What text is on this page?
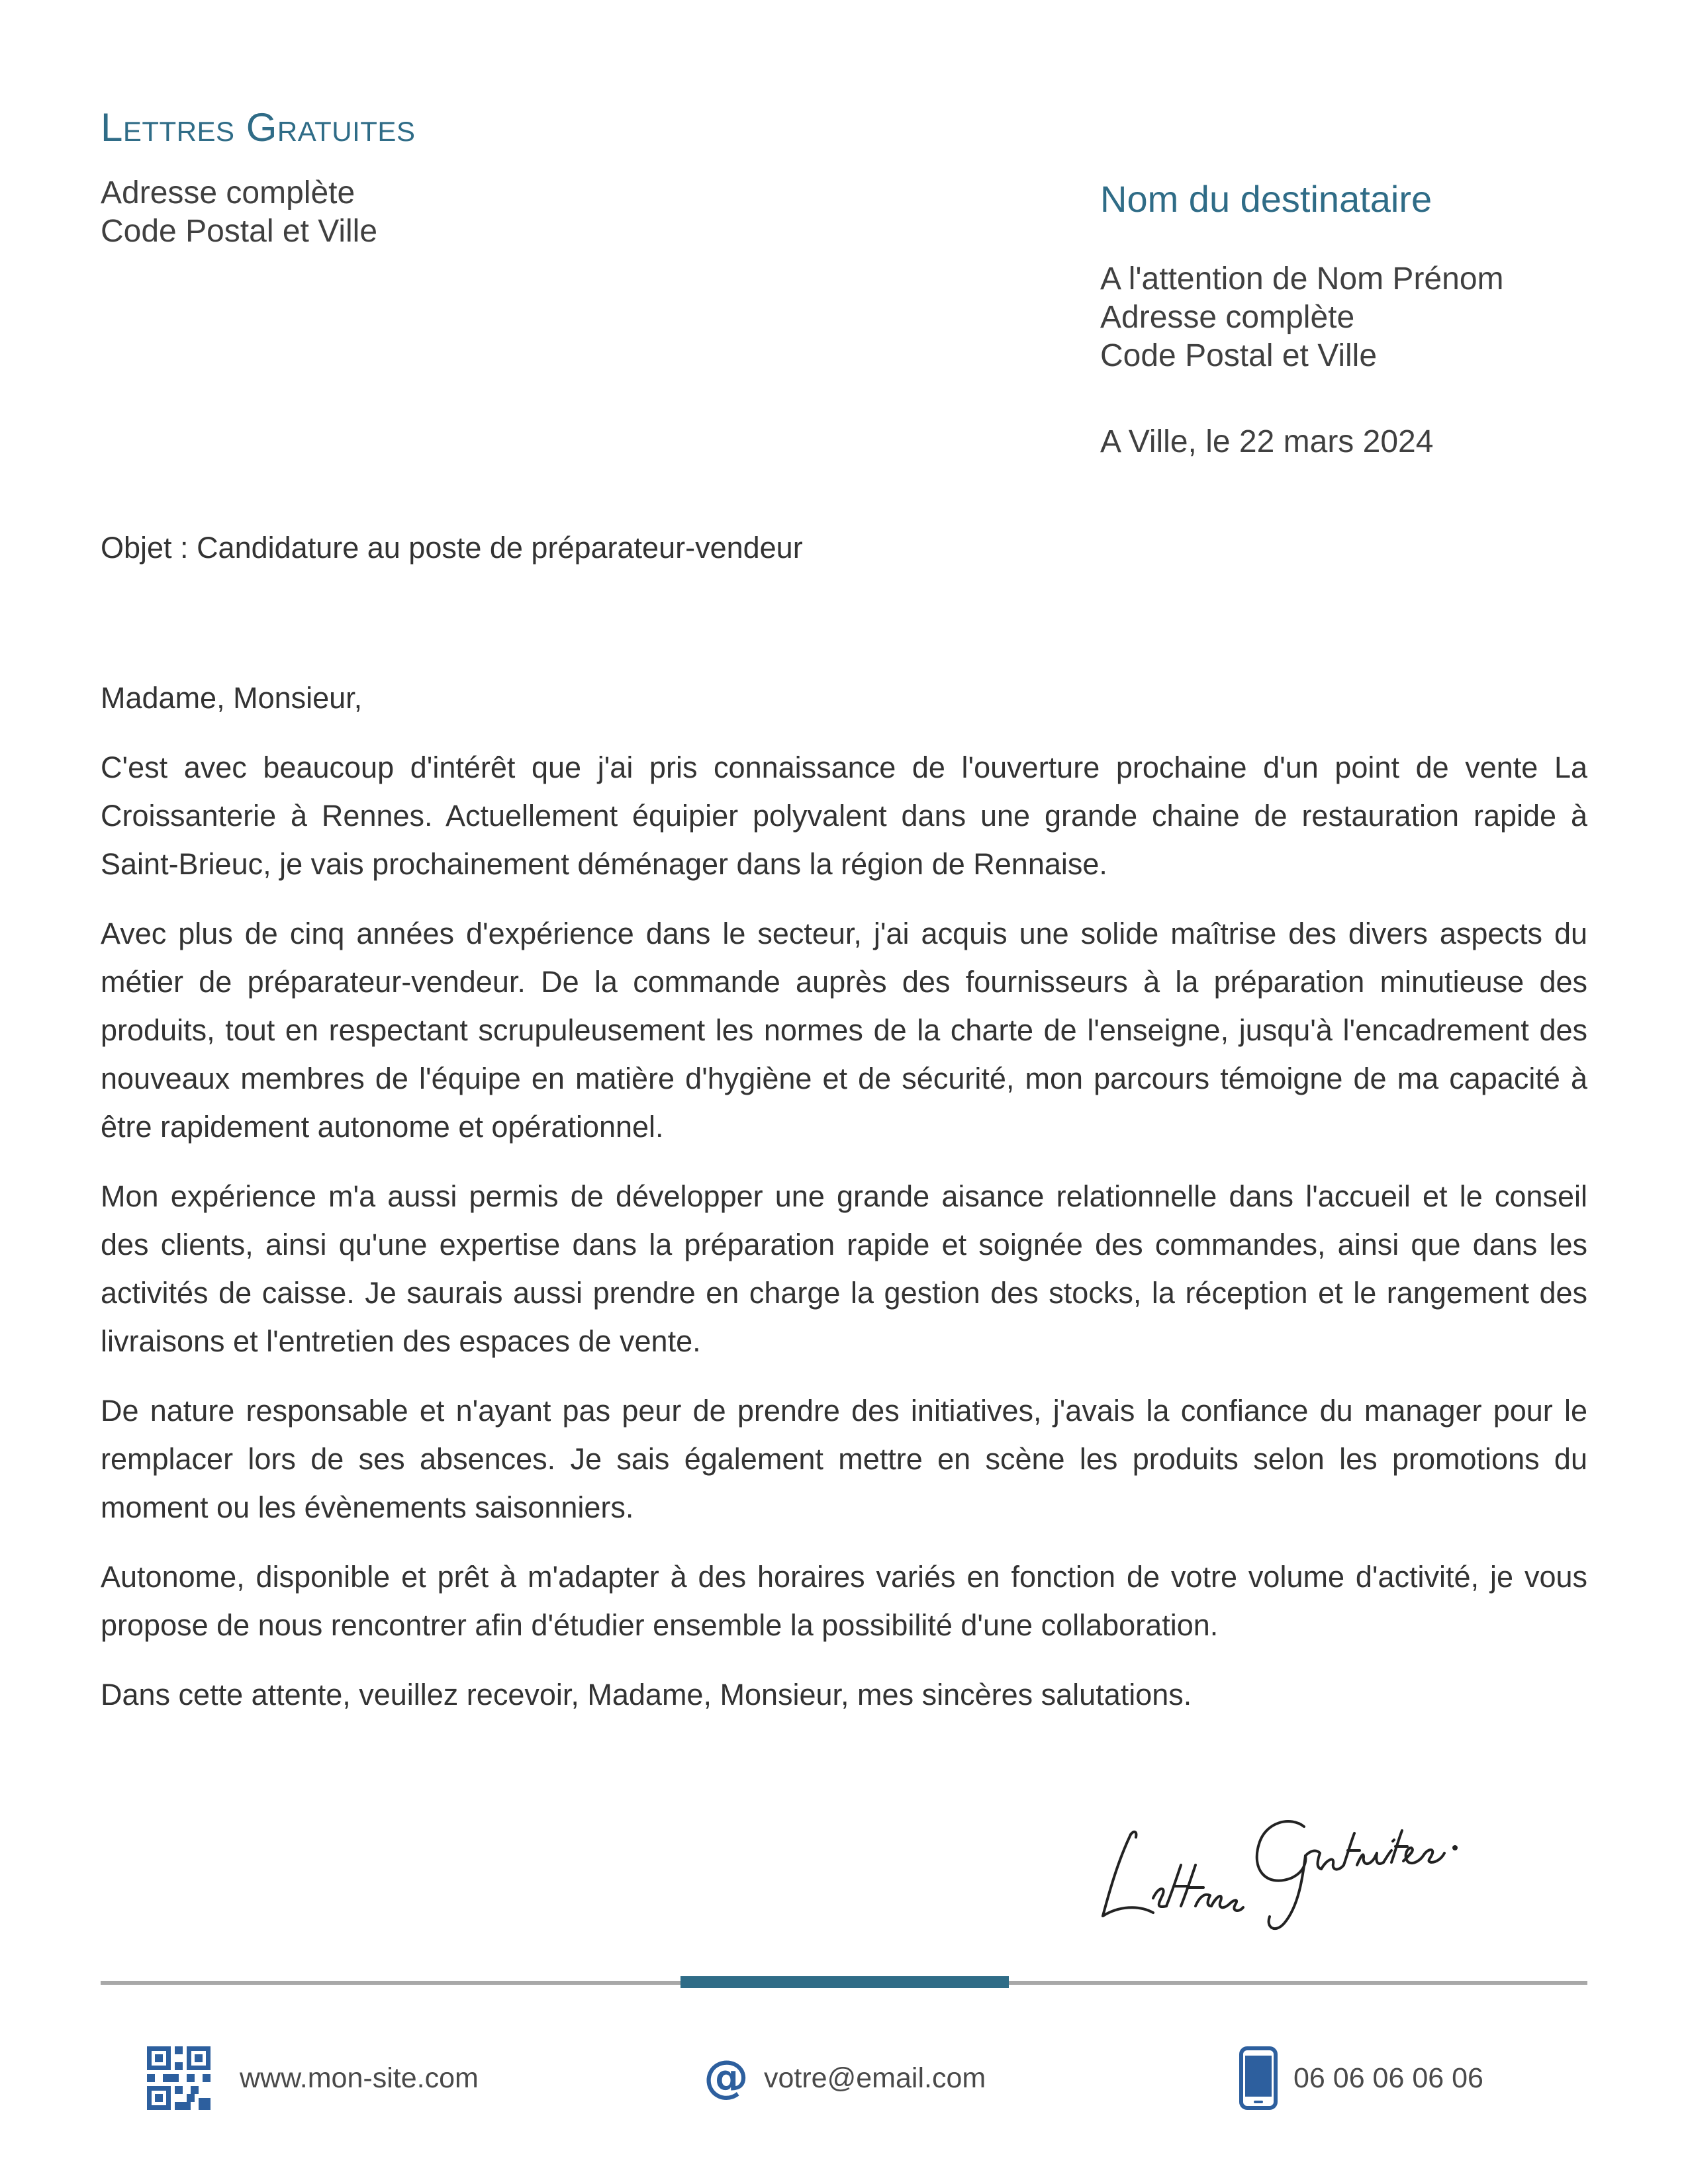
Lettres Gratuites
Adresse complète
Code Postal et Ville
Nom du destinataire
A l'attention de Nom Prénom
Adresse complète
Code Postal et Ville
A Ville, le 22 mars 2024
Objet : Candidature au poste de préparateur-vendeur

Madame, Monsieur,

C'est avec beaucoup d'intérêt que j'ai pris connaissance de l'ouverture prochaine d'un point de vente La Croissanterie à Rennes. Actuellement équipier polyvalent dans une grande chaine de restauration rapide à Saint-Brieuc, je vais prochainement déménager dans la région de Rennaise.

Avec plus de cinq années d'expérience dans le secteur, j'ai acquis une solide maîtrise des divers aspects du métier de préparateur-vendeur. De la commande auprès des fournisseurs à la préparation minutieuse des produits, tout en respectant scrupuleusement les normes de la charte de l'enseigne, jusqu'à l'encadrement des nouveaux membres de l'équipe en matière d'hygiène et de sécurité, mon parcours témoigne de ma capacité à être rapidement autonome et opérationnel.

Mon expérience m'a aussi permis de développer une grande aisance relationnelle dans l'accueil et le conseil des clients, ainsi qu'une expertise dans la préparation rapide et soignée des commandes, ainsi que dans les activités de caisse. Je saurais aussi prendre en charge la gestion des stocks, la réception et le rangement des livraisons et l'entretien des espaces de vente.

De nature responsable et n'ayant pas peur de prendre des initiatives, j'avais la confiance du manager pour le remplacer lors de ses absences. Je sais également mettre en scène les produits selon les promotions du moment ou les évènements saisonniers.

Autonome, disponible et prêt à m'adapter à des horaires variés en fonction de votre volume d'activité, je vous propose de nous rencontrer afin d'étudier ensemble la possibilité d'une collaboration.

Dans cette attente, veuillez recevoir, Madame, Monsieur, mes sincères salutations.

www.mon-site.com	@ votre@email.com	06 06 06 06 06
